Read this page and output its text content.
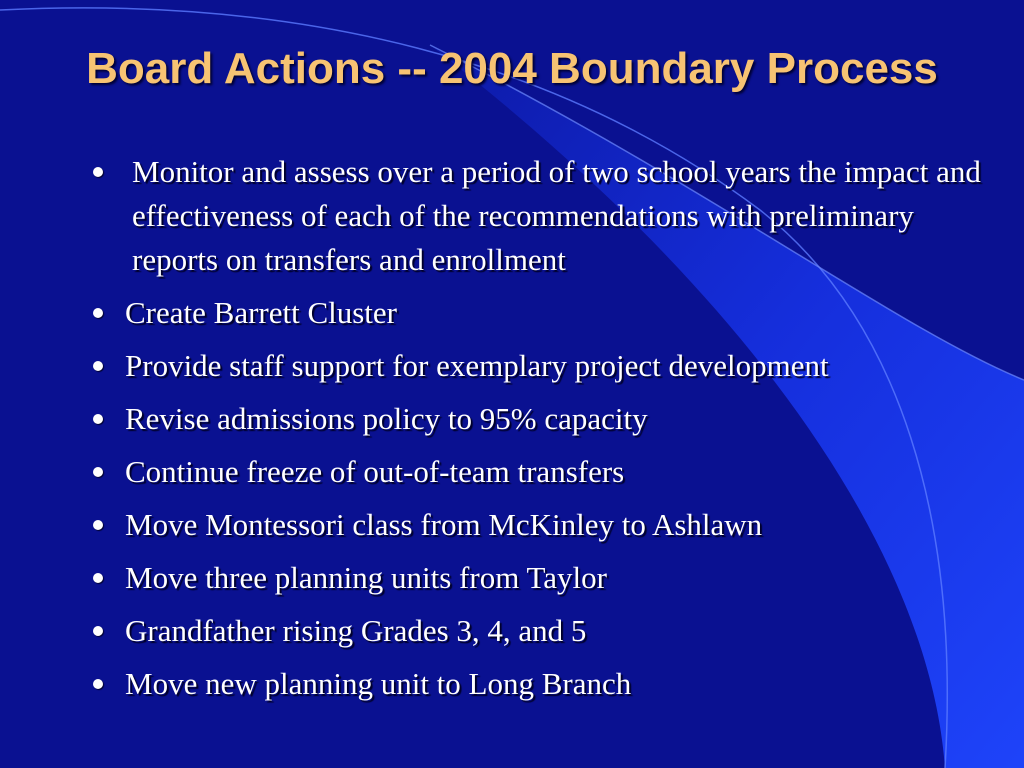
Board Actions -- 2004 Boundary Process
Monitor and assess over a period of two school years the impact and effectiveness of each of the recommendations with preliminary reports on transfers and enrollment
Create Barrett Cluster
Provide staff support for exemplary project development
Revise admissions policy to 95% capacity
Continue freeze of out-of-team transfers
Move Montessori class from McKinley to Ashlawn
Move three planning units from Taylor
Grandfather rising Grades 3, 4, and 5
Move new planning unit to Long Branch
